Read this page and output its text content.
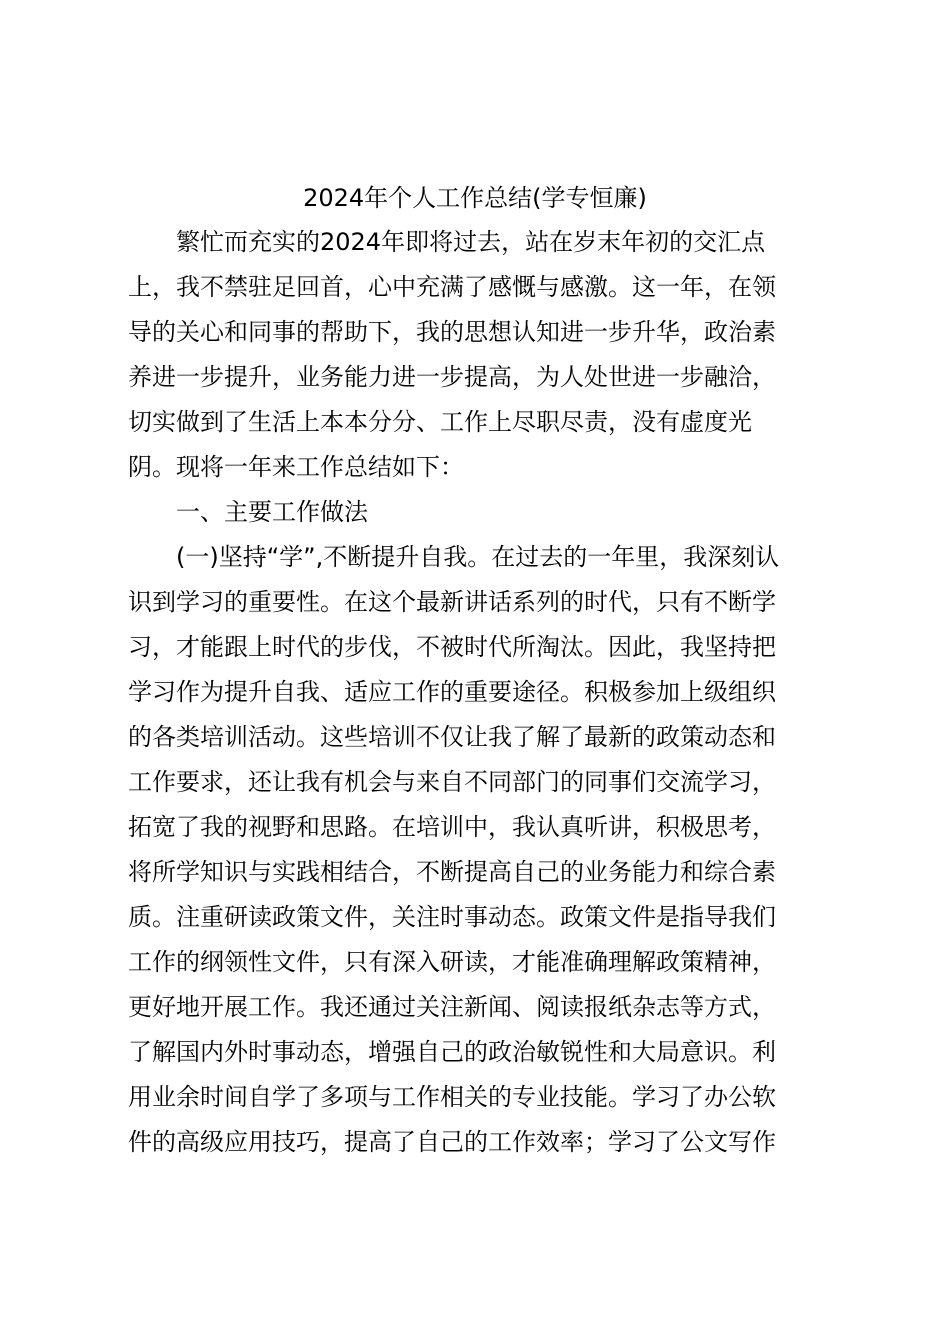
2024年个人工作总结(学专恒廉)
繁忙而充实的2024年即将过去，站在岁末年初的交汇点
上，我不禁驻足回首，心中充满了感慨与感激。这一年，在领
导的关心和同事的帮助下，我的思想认知进一步升华，政治素
养进一步提升，业务能力进一步提高，为人处世进一步融洽，
切实做到了生活上本本分分、工作上尽职尽责，没有虚度光
阴。现将一年来工作总结如下：
一、主要工作做法
(一)坚持“学”,不断提升自我。在过去的一年里，我深刻认
识到学习的重要性。在这个最新讲话系列的时代，只有不断学
习，才能跟上时代的步伐，不被时代所淘汰。因此，我坚持把
学习作为提升自我、适应工作的重要途径。积极参加上级组织
的各类培训活动。这些培训不仅让我了解了最新的政策动态和
工作要求，还让我有机会与来自不同部门的同事们交流学习，
拓宽了我的视野和思路。在培训中，我认真听讲，积极思考，
将所学知识与实践相结合，不断提高自己的业务能力和综合素
质。注重研读政策文件，关注时事动态。政策文件是指导我们
工作的纲领性文件，只有深入研读，才能准确理解政策精神，
更好地开展工作。我还通过关注新闻、阅读报纸杂志等方式，
了解国内外时事动态，增强自己的政治敏锐性和大局意识。利
用业余时间自学了多项与工作相关的专业技能。学习了办公软
件的高级应用技巧，提高了自己的工作效率；学习了公文写作
